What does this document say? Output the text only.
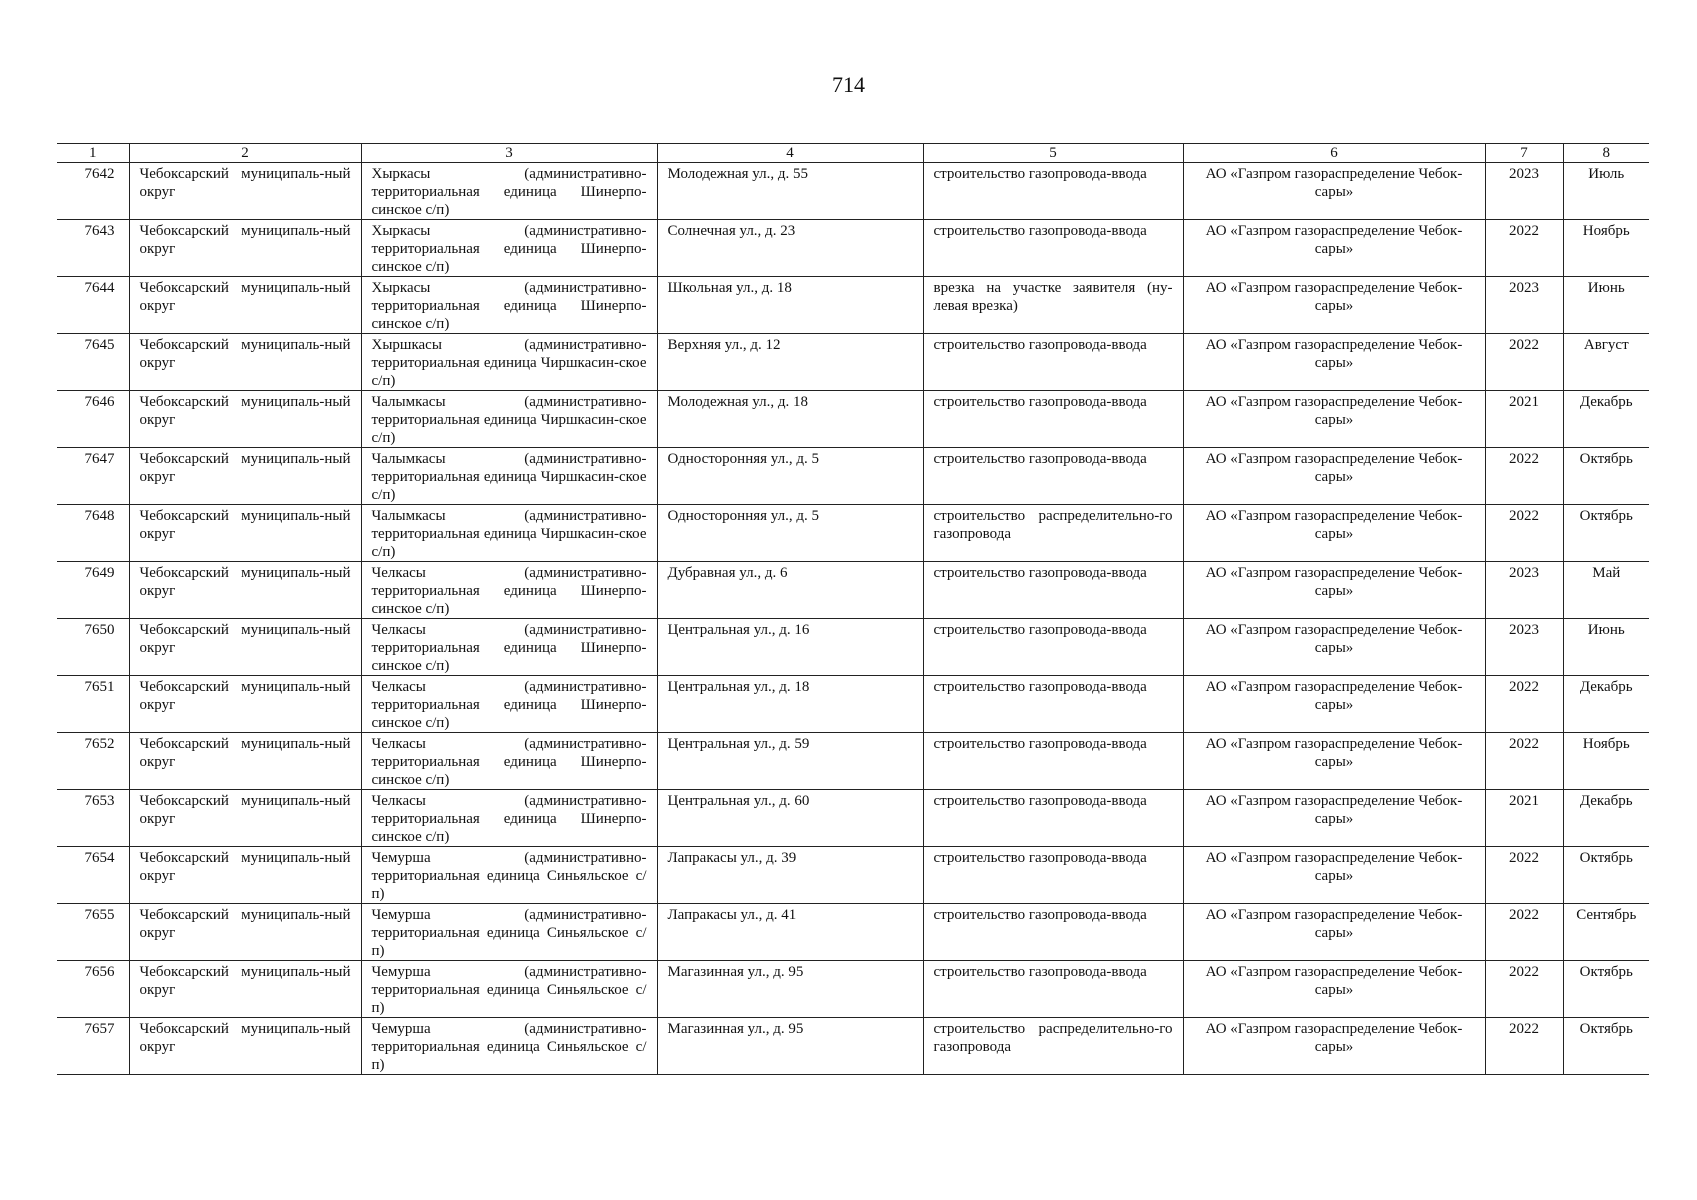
714
1	2	3	4	5	6	7	8
7642	Чебоксарский муниципаль-ный округ	Хыркасы (административно-территориальная единица Шинерпо-синское с/п)	Молодежная ул., д. 55	строительство газопровода-ввода	АО «Газпром газораспределение Чебок-сары»	2023	Июль
7643	Чебоксарский муниципаль-ный округ	Хыркасы (административно-территориальная единица Шинерпо-синское с/п)	Солнечная ул., д. 23	строительство газопровода-ввода	АО «Газпром газораспределение Чебок-сары»	2022	Ноябрь
7644	Чебоксарский муниципаль-ный округ	Хыркасы (административно-территориальная единица Шинерпо-синское с/п)	Школьная ул., д. 18	врезка на участке заявителя (ну-левая врезка)	АО «Газпром газораспределение Чебок-сары»	2023	Июнь
7645	Чебоксарский муниципаль-ный округ	Хыршкасы (административно-территориальная единица Чиршкасин-ское с/п)	Верхняя ул., д. 12	строительство газопровода-ввода	АО «Газпром газораспределение Чебок-сары»	2022	Август
7646	Чебоксарский муниципаль-ный округ	Чалымкасы (административно-территориальная единица Чиршкасин-ское с/п)	Молодежная ул., д. 18	строительство газопровода-ввода	АО «Газпром газораспределение Чебок-сары»	2021	Декабрь
7647	Чебоксарский муниципаль-ный округ	Чалымкасы (административно-территориальная единица Чиршкасин-ское с/п)	Односторонняя ул., д. 5	строительство газопровода-ввода	АО «Газпром газораспределение Чебок-сары»	2022	Октябрь
7648	Чебоксарский муниципаль-ный округ	Чалымкасы (административно-территориальная единица Чиршкасин-ское с/п)	Односторонняя ул., д. 5	строительство распределительно-го газопровода	АО «Газпром газораспределение Чебок-сары»	2022	Октябрь
7649	Чебоксарский муниципаль-ный округ	Челкасы (административно-территориальная единица Шинерпо-синское с/п)	Дубравная ул., д. 6	строительство газопровода-ввода	АО «Газпром газораспределение Чебок-сары»	2023	Май
7650	Чебоксарский муниципаль-ный округ	Челкасы (административно-территориальная единица Шинерпо-синское с/п)	Центральная ул., д. 16	строительство газопровода-ввода	АО «Газпром газораспределение Чебок-сары»	2023	Июнь
7651	Чебоксарский муниципаль-ный округ	Челкасы (административно-территориальная единица Шинерпо-синское с/п)	Центральная ул., д. 18	строительство газопровода-ввода	АО «Газпром газораспределение Чебок-сары»	2022	Декабрь
7652	Чебоксарский муниципаль-ный округ	Челкасы (административно-территориальная единица Шинерпо-синское с/п)	Центральная ул., д. 59	строительство газопровода-ввода	АО «Газпром газораспределение Чебок-сары»	2022	Ноябрь
7653	Чебоксарский муниципаль-ный округ	Челкасы (административно-территориальная единица Шинерпо-синское с/п)	Центральная ул., д. 60	строительство газопровода-ввода	АО «Газпром газораспределение Чебок-сары»	2021	Декабрь
7654	Чебоксарский муниципаль-ный округ	Чемурша (административно-территориальная единица Синьяльское с/п)	Лапракасы ул., д. 39	строительство газопровода-ввода	АО «Газпром газораспределение Чебок-сары»	2022	Октябрь
7655	Чебоксарский муниципаль-ный округ	Чемурша (административно-территориальная единица Синьяльское с/п)	Лапракасы ул., д. 41	строительство газопровода-ввода	АО «Газпром газораспределение Чебок-сары»	2022	Сентябрь
7656	Чебоксарский муниципаль-ный округ	Чемурша (административно-территориальная единица Синьяльское с/п)	Магазинная ул., д. 95	строительство газопровода-ввода	АО «Газпром газораспределение Чебок-сары»	2022	Октябрь
7657	Чебоксарский муниципаль-ный округ	Чемурша (административно-территориальная единица Синьяльское с/п)	Магазинная ул., д. 95	строительство распределительно-го газопровода	АО «Газпром газораспределение Чебок-сары»	2022	Октябрь
